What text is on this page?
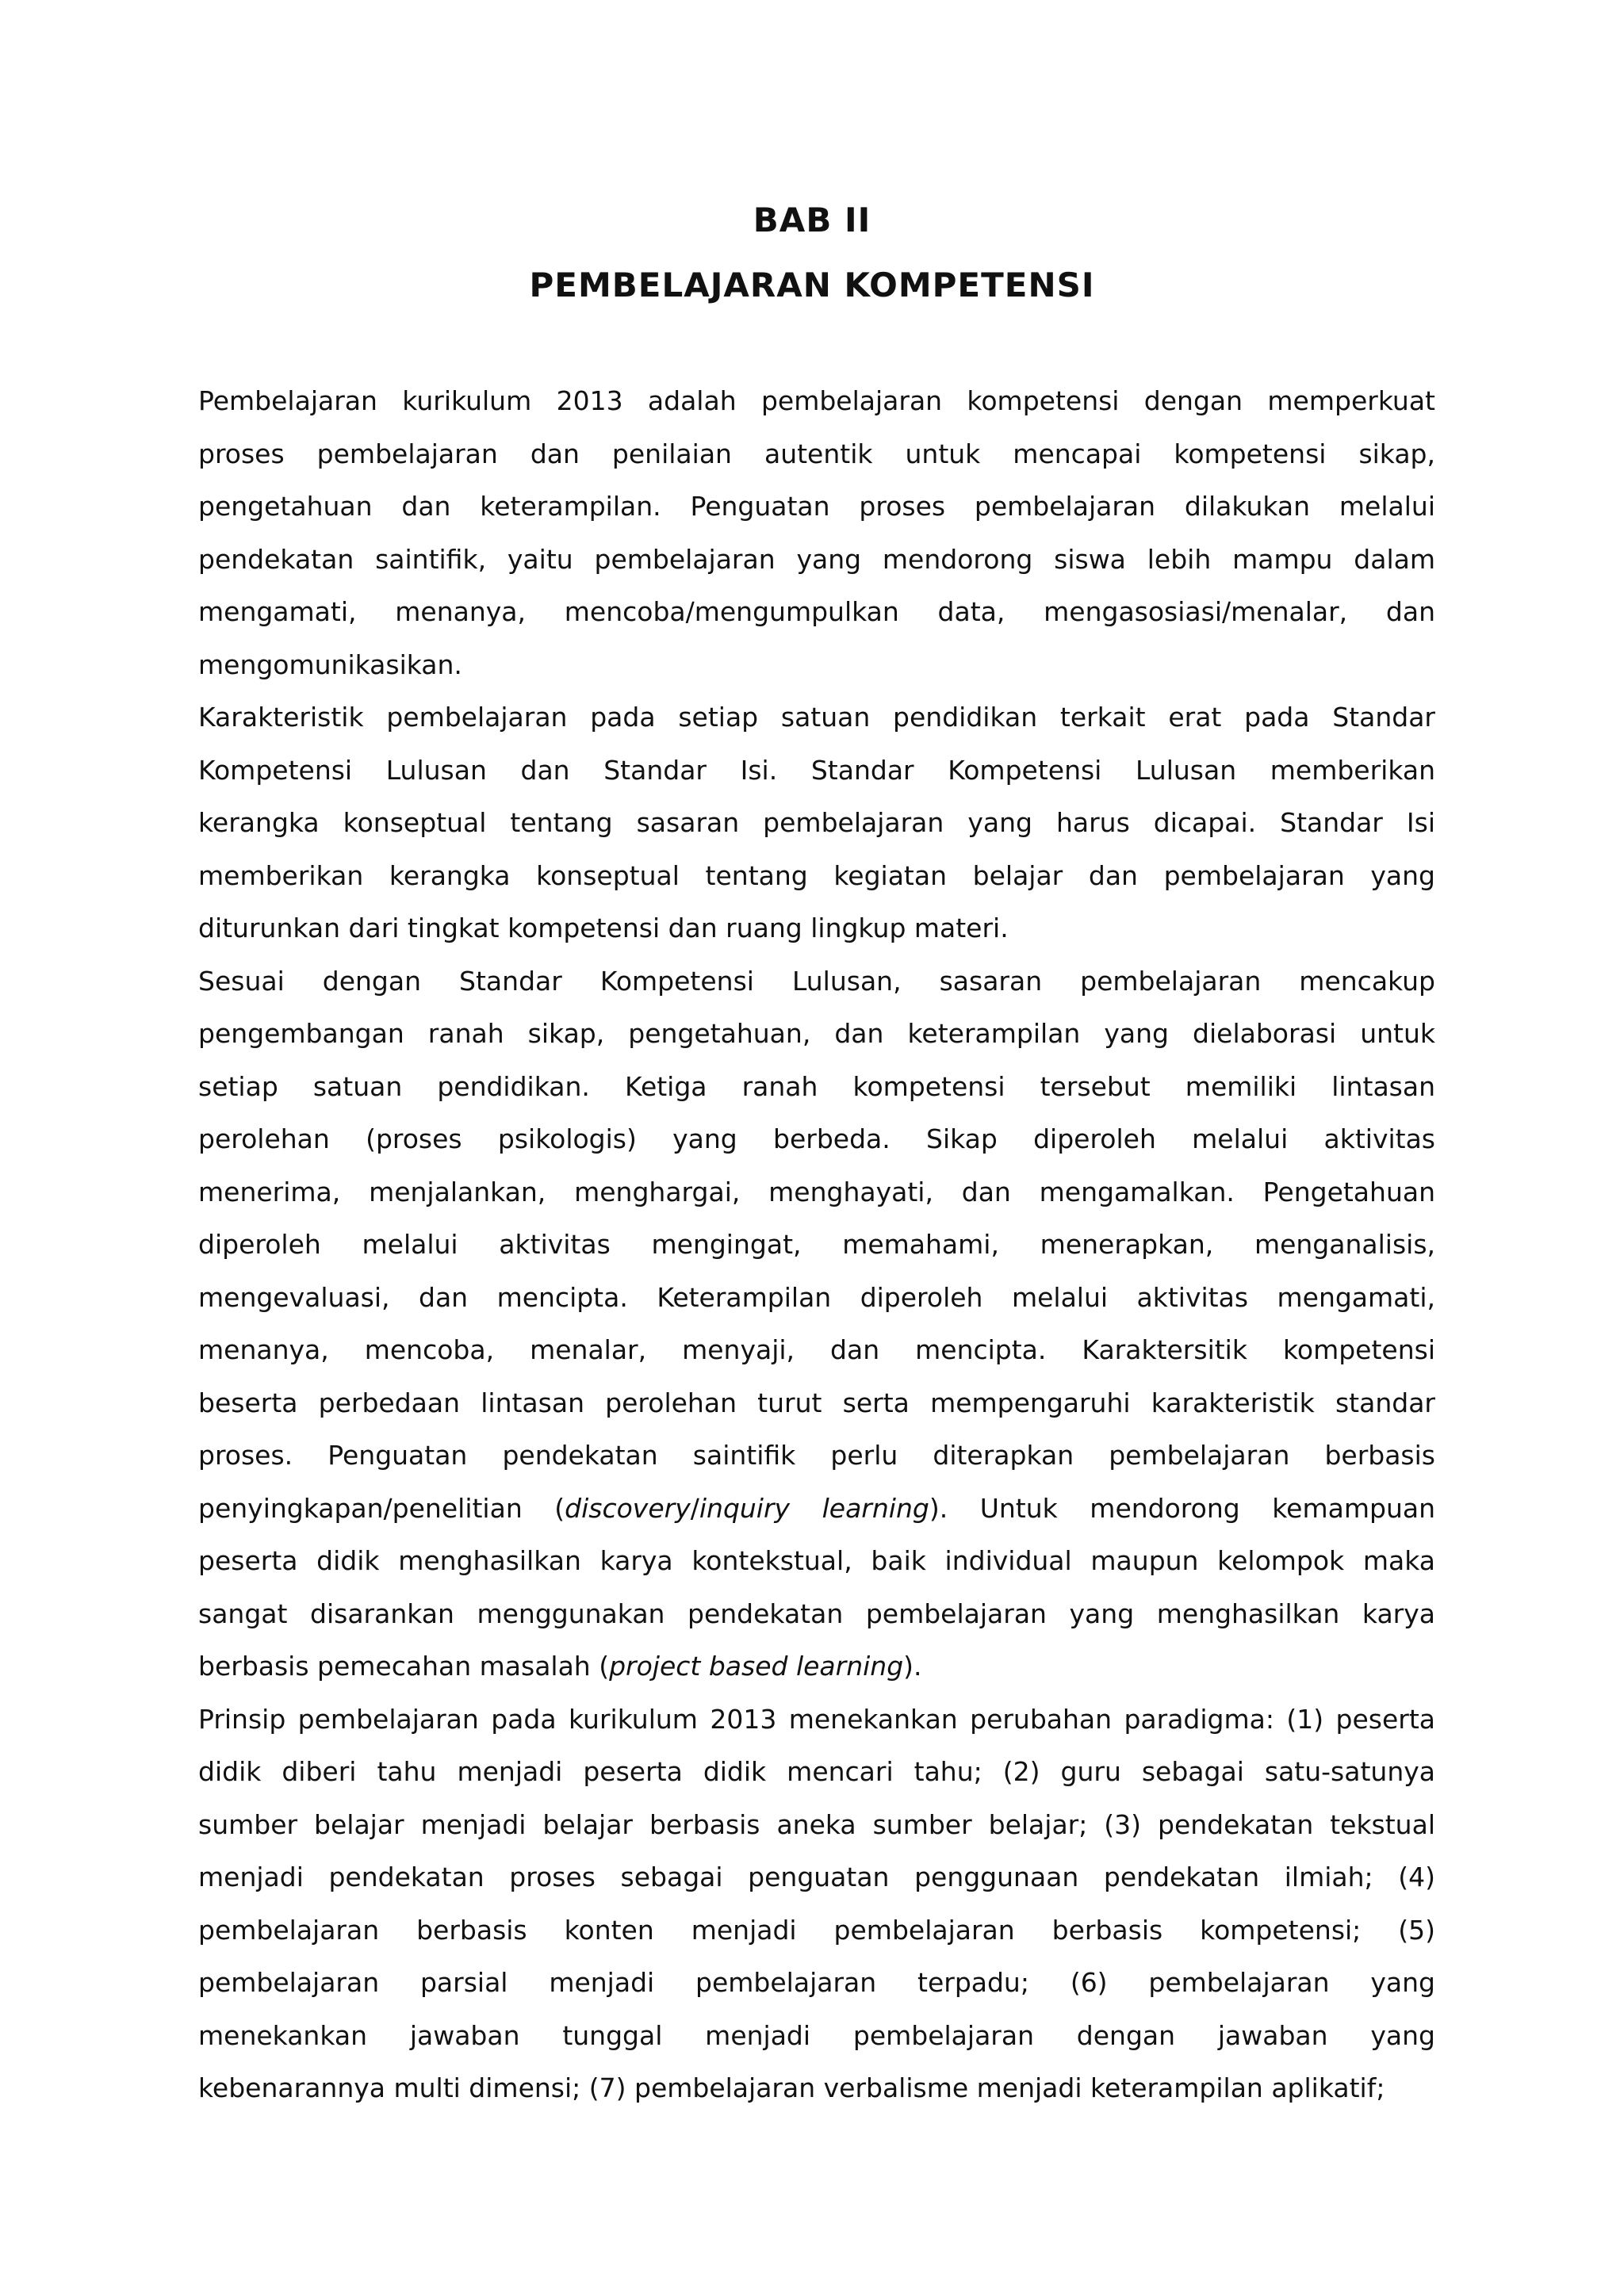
BAB II
PEMBELAJARAN KOMPETENSI
Pembelajaran kurikulum 2013 adalah pembelajaran kompetensi dengan memperkuat
proses pembelajaran dan penilaian autentik untuk mencapai kompetensi sikap,
pengetahuan dan keterampilan. Penguatan proses pembelajaran dilakukan melalui
pendekatan saintifik, yaitu pembelajaran yang mendorong siswa lebih mampu dalam
mengamati, menanya, mencoba/mengumpulkan data, mengasosiasi/menalar, dan
mengomunikasikan.
Karakteristik pembelajaran pada setiap satuan pendidikan terkait erat pada Standar
Kompetensi Lulusan dan Standar Isi. Standar Kompetensi Lulusan memberikan
kerangka konseptual tentang sasaran pembelajaran yang harus dicapai. Standar Isi
memberikan kerangka konseptual tentang kegiatan belajar dan pembelajaran yang
diturunkan dari tingkat kompetensi dan ruang lingkup materi.
Sesuai dengan Standar Kompetensi Lulusan, sasaran pembelajaran mencakup
pengembangan ranah sikap, pengetahuan, dan keterampilan yang dielaborasi untuk
setiap satuan pendidikan. Ketiga ranah kompetensi tersebut memiliki lintasan
perolehan (proses psikologis) yang berbeda. Sikap diperoleh melalui aktivitas
menerima, menjalankan, menghargai, menghayati, dan mengamalkan. Pengetahuan
diperoleh melalui aktivitas mengingat, memahami, menerapkan, menganalisis,
mengevaluasi, dan mencipta. Keterampilan diperoleh melalui aktivitas mengamati,
menanya, mencoba, menalar, menyaji, dan mencipta. Karaktersitik kompetensi
beserta perbedaan lintasan perolehan turut serta mempengaruhi karakteristik standar
proses. Penguatan pendekatan saintifik perlu diterapkan pembelajaran berbasis
penyingkapan/penelitian (discovery/inquiry learning). Untuk mendorong kemampuan
peserta didik menghasilkan karya kontekstual, baik individual maupun kelompok maka
sangat disarankan menggunakan pendekatan pembelajaran yang menghasilkan karya
berbasis pemecahan masalah (project based learning).
Prinsip pembelajaran pada kurikulum 2013 menekankan perubahan paradigma: (1) peserta
didik diberi tahu menjadi peserta didik mencari tahu; (2) guru sebagai satu-satunya
sumber belajar menjadi belajar berbasis aneka sumber belajar; (3) pendekatan tekstual
menjadi pendekatan proses sebagai penguatan penggunaan pendekatan ilmiah; (4)
pembelajaran berbasis konten menjadi pembelajaran berbasis kompetensi; (5)
pembelajaran parsial menjadi pembelajaran terpadu; (6) pembelajaran yang
menekankan jawaban tunggal menjadi pembelajaran dengan jawaban yang
kebenarannya multi dimensi; (7) pembelajaran verbalisme menjadi keterampilan aplikatif;
